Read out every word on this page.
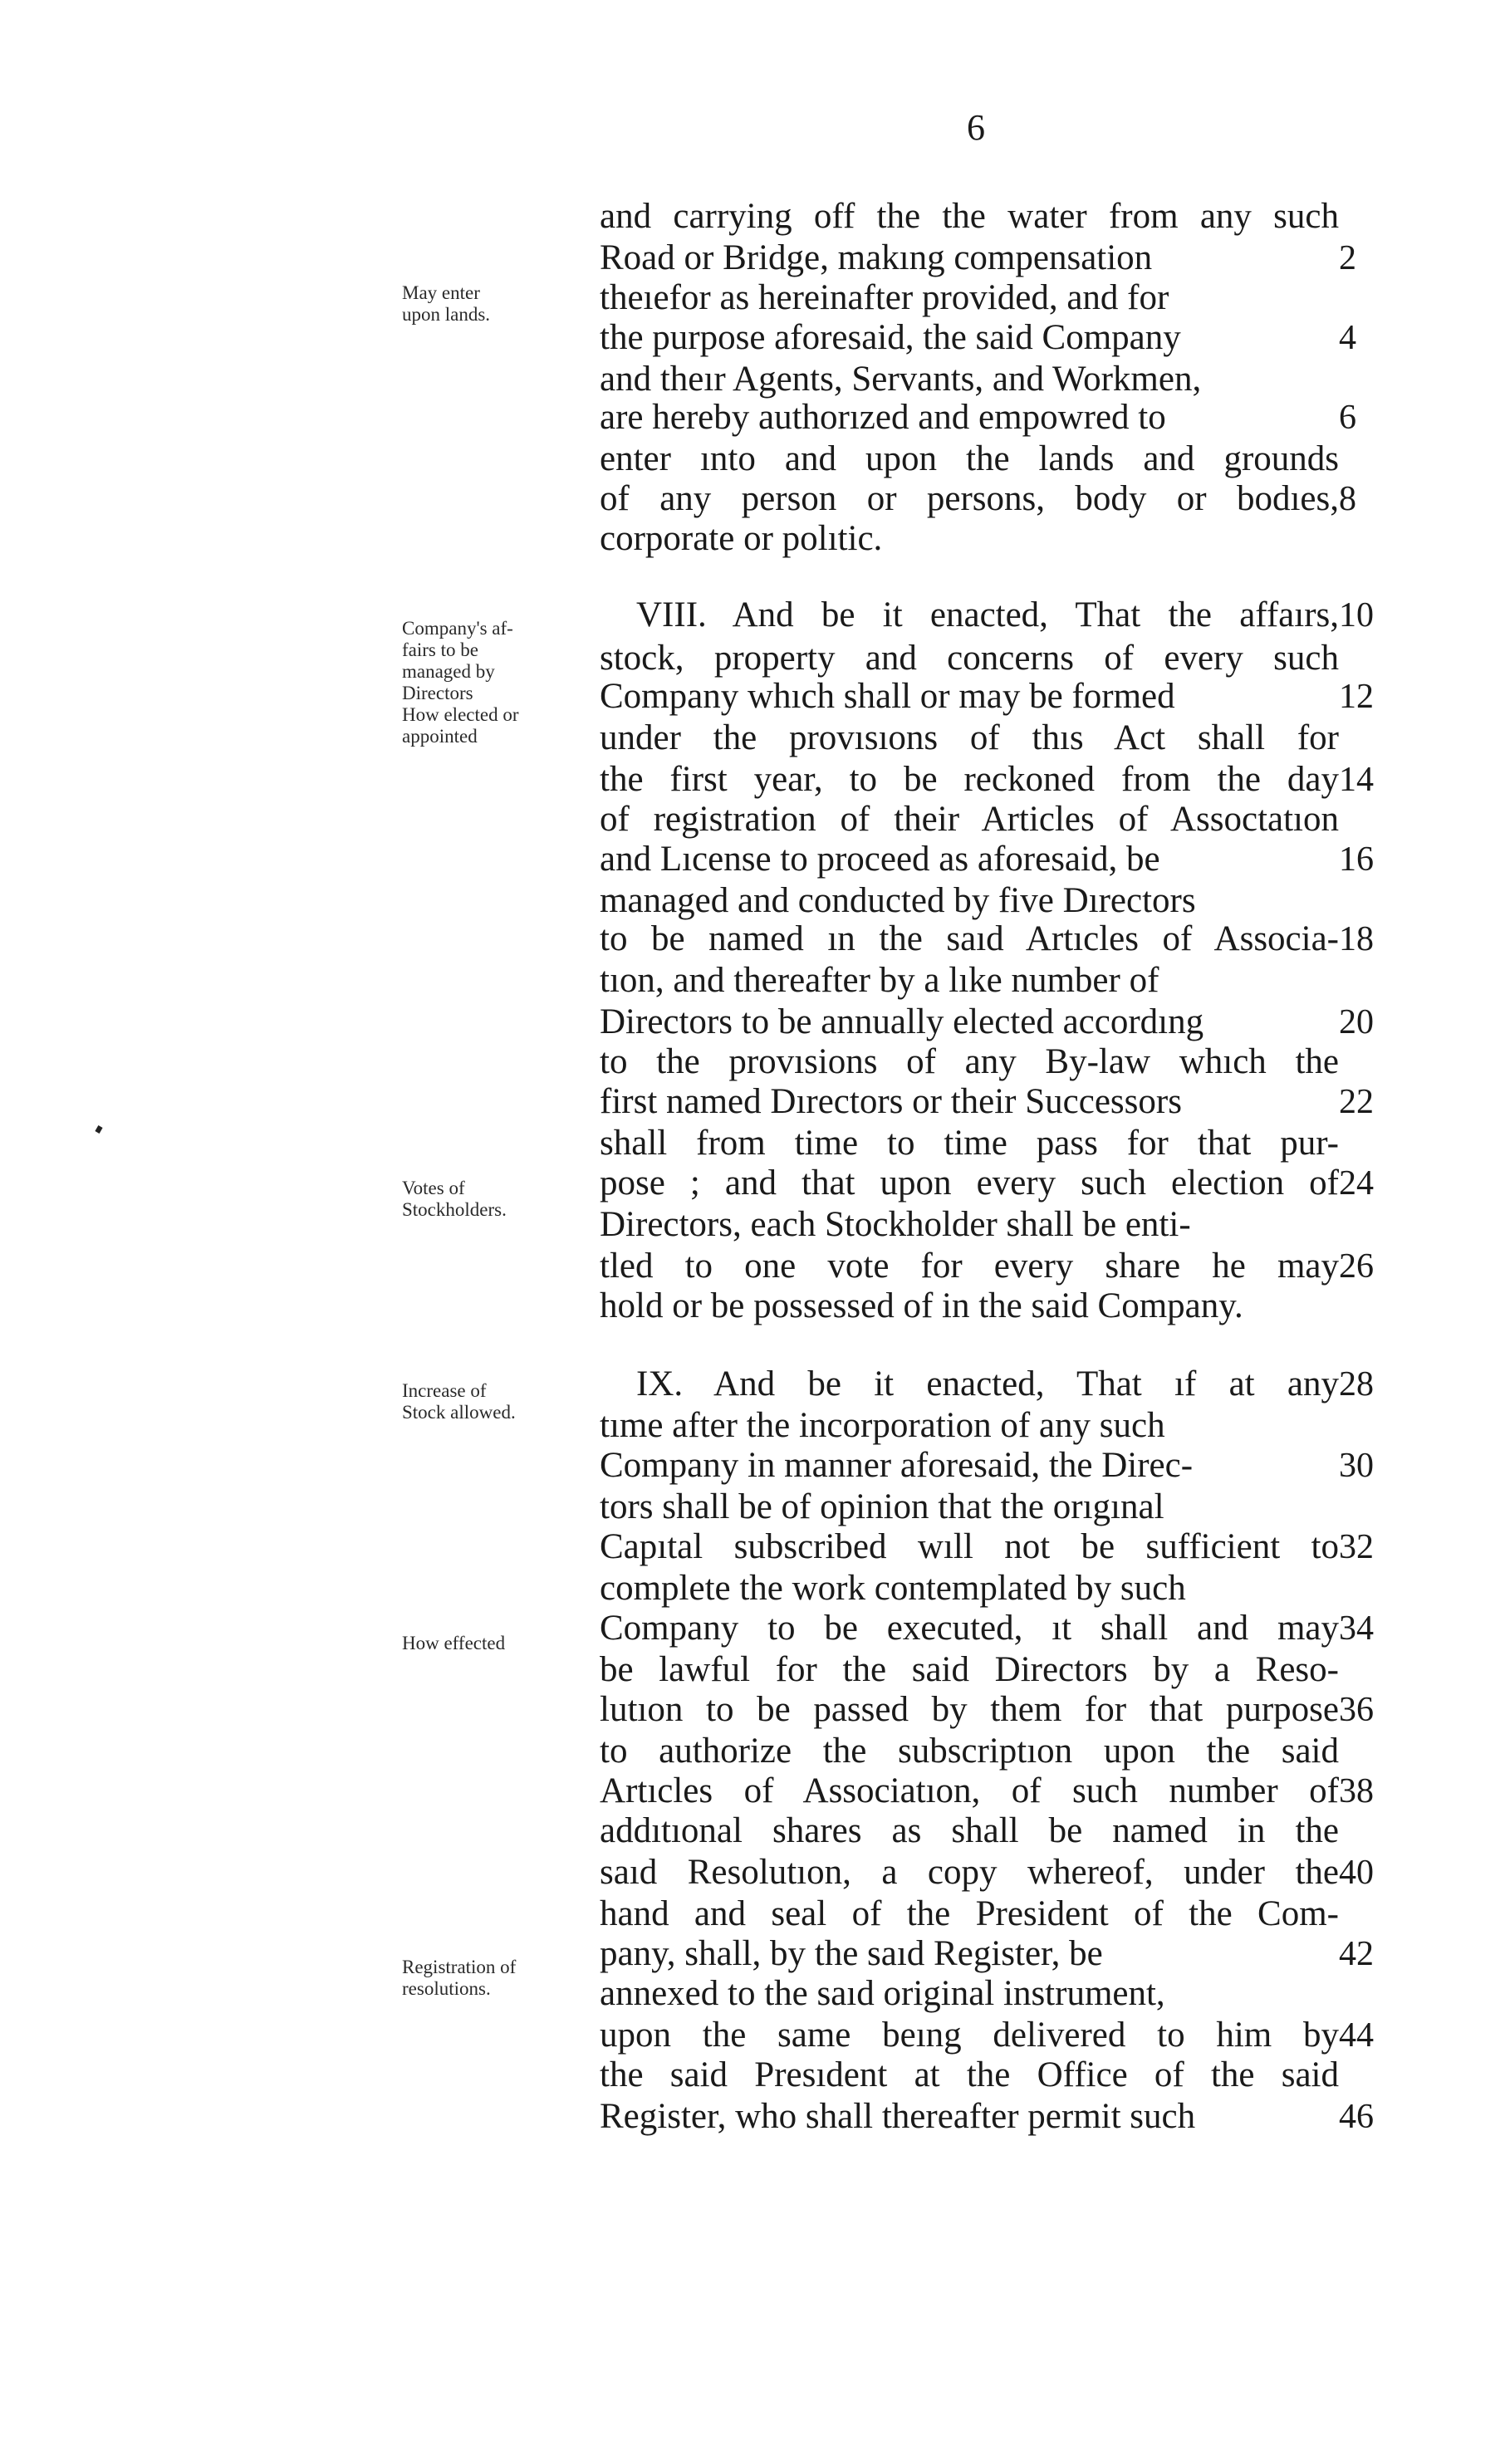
6
and carrying off the the water from any such
Road or Bridge, makıng compensation	2
theıefor as hereinafter provided, and for
the purpose aforesaid, the said Company	4
and theır Agents, Servants, and Workmen,
are hereby authorızed and empowred to	6
enter ınto and upon the lands and grounds
of any person or persons, body or bodıes, 8
corporate or polıtic.
VIII. And be it enacted, That the affaırs, 10
stock, property and concerns of every such
Company whıch shall or may be formed	12
under the provısıons of thıs Act shall for
the first year, to be reckoned from the day 14
of registration of their Articles of Assoctatıon
and Lıcense to proceed as aforesaid, be	16
managed and conducted by five Dırectors
to be named ın the saıd Artıcles of Associa- 18
tıon, and thereafter by a lıke number of
Directors to be annually elected accordıng	20
to the provısions of any By-law whıch the
first named Dırectors or their Successors	22
shall from time to time pass for that pur-
pose ; and that upon every such election of 24
Directors, each Stockholder shall be enti-
tled to one vote for every share he may 26
hold or be possessed of in the said Company.
IX. And be it enacted, That ıf at any 28
tıme after the incorporation of any such
Company in manner aforesaid, the Direc-	30
tors shall be of opinion that the orıgınal
Capıtal subscribed wıll not be sufficient to 32
complete the work contemplated by such
Company to be executed, ıt shall and may 34
be lawful for the said Directors by a Reso-
lutıon to be passed by them for that purpose 36
to authorize the subscriptıon upon the said
Artıcles of Associatıon, of such number of 38
addıtıonal shares as shall be named in the
saıd Resolutıon, a copy whereof, under the 40
hand and seal of the President of the Com-
pany, shall, by the saıd Register, be	42
annexed to the saıd original instrument,
upon the same beıng delivered to him by 44
the said Presıdent at the Office of the said
Register, who shall thereafter permit such	46
May enter
upon lands.
Company's af-
fairs to be
managed by
Directors
How elected or
appointed
Votes of
Stockholders.
Increase of
Stock allowed.
How effected
Registration of
resolutions.
